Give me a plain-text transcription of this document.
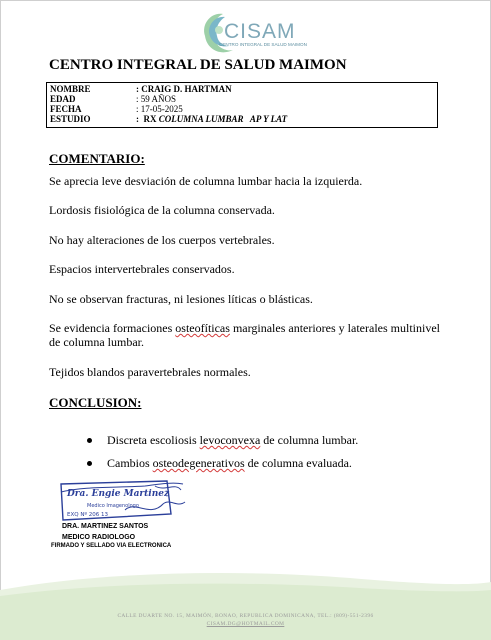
CISAM
CENTRO INTEGRAL DE SALUD MAIMON
CENTRO INTEGRAL DE SALUD MAIMON
NOMBRE	: CRAIG D. HARTMAN
EDAD	: 59 AÑOS
FECHA	: 17-05-2025
ESTUDIO	:  RX COLUMNA LUMBAR   AP Y LAT
COMENTARIO:
Se aprecia leve desviación de columna lumbar hacia la izquierda.
Lordosis fisiológica de la columna conservada.
No hay alteraciones de los cuerpos vertebrales.
Espacios intervertebrales conservados.
No se observan fracturas, ni lesiones líticas o blásticas.
Se evidencia formaciones osteofíticas marginales anteriores y laterales multinivel de columna lumbar.
Tejidos blandos paravertebrales normales.
CONCLUSION:
Discreta escoliosis levoconvexa de columna lumbar.
Cambios osteodegenerativos de columna evaluada.
Dra. Engie Martinez
Medico Imagenologo
EXQ Nº 206 13
DRA. MARTINEZ SANTOS
MEDICO RADIOLOGO
FIRMADO Y SELLADO VIA ELECTRONICA
CALLE DUARTE NO. 15, MAIMÓN, BONAO, REPUBLICA DOMINICANA, TEL.: (809)-551-2396
CISAM.DG@HOTMAIL.COM
